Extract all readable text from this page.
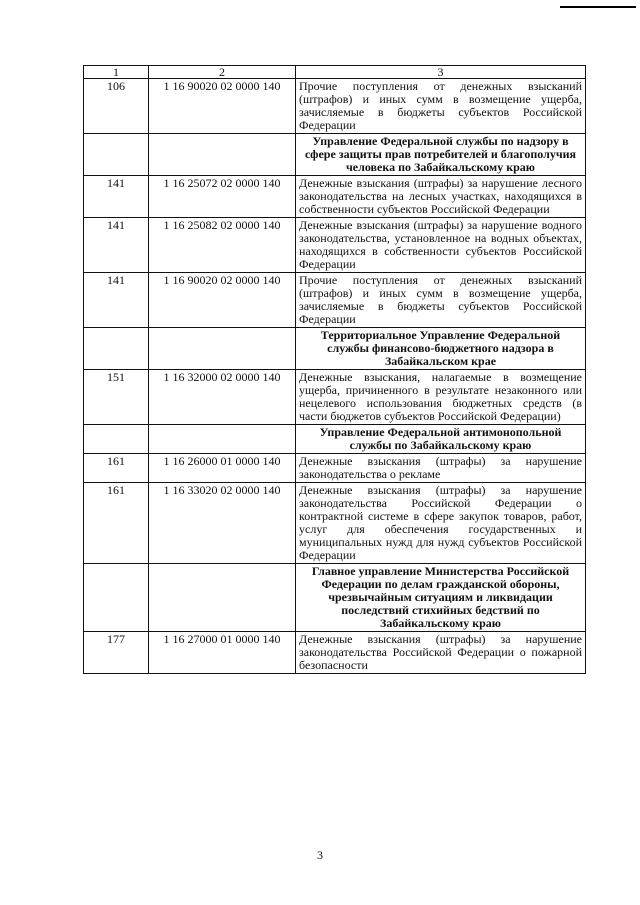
1	2	3
106	1 16 90020 02 0000 140	Прочие поступления от денежных взысканий (штрафов) и иных сумм в возмещение ущерба, зачисляемые в бюджеты субъектов Российской Федерации
		Управление Федеральной службы по надзору в сфере защиты прав потребителей и благополучия человека по Забайкальскому краю
141	1 16 25072 02 0000 140	Денежные взыскания (штрафы) за нарушение лесного законодательства на лесных участках, находящихся в собственности субъектов Российской Федерации
141	1 16 25082 02 0000 140	Денежные взыскания (штрафы) за нарушение водного законодательства, установленное на водных объектах, находящихся в собственности субъектов Российской Федерации
141	1 16 90020 02 0000 140	Прочие поступления от денежных взысканий (штрафов) и иных сумм в возмещение ущерба, зачисляемые в бюджеты субъектов Российской Федерации
		Территориальное Управление Федеральной службы финансово-бюджетного надзора в Забайкальском крае
151	1 16 32000 02 0000 140	Денежные взыскания, налагаемые в возмещение ущерба, причиненного в результате незаконного или нецелевого использования бюджетных средств (в части бюджетов субъектов Российской Федерации)
		Управление Федеральной антимонопольной службы по Забайкальскому краю
161	1 16 26000 01 0000 140	Денежные взыскания (штрафы) за нарушение законодательства о рекламе
161	1 16 33020 02 0000 140	Денежные взыскания (штрафы) за нарушение законодательства Российской Федерации о контрактной системе в сфере закупок товаров, работ, услуг для обеспечения государственных и муниципальных нужд для нужд субъектов Российской Федерации
		Главное управление Министерства Российской Федерации по делам гражданской обороны, чрезвычайным ситуациям и ликвидации последствий стихийных бедствий по Забайкальскому краю
177	1 16 27000 01 0000 140	Денежные взыскания (штрафы) за нарушение законодательства Российской Федерации о пожарной безопасности
3
